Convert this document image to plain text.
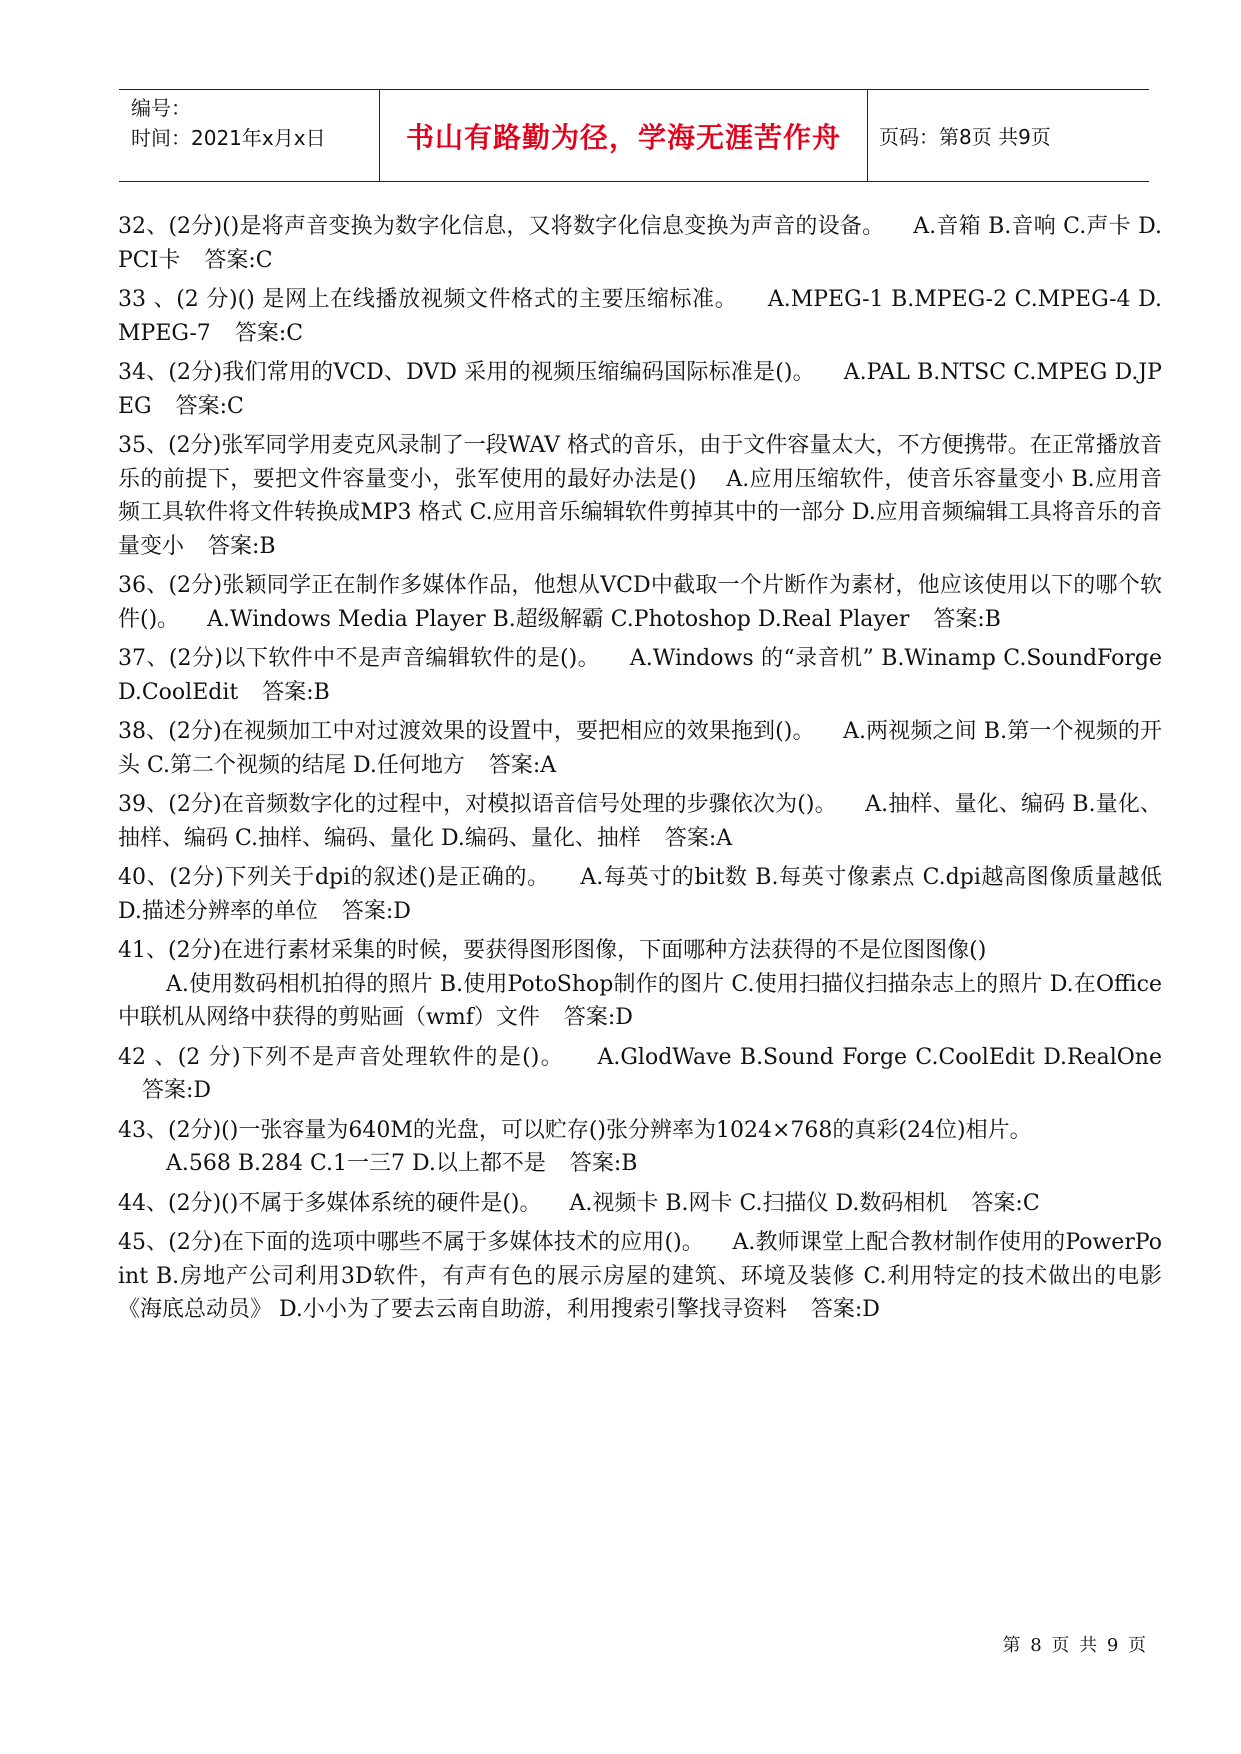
编号：
时间：2021年x月x日	书山有路勤为径，学海无涯苦作舟	页码：第8页 共9页
32、(2分)()是将声音变换为数字化信息，又将数字化信息变换为声音的设备。 A.音箱 B.音响 C.声卡 D.PCI卡 答案:C
33 、(2 分)() 是网上在线播放视频文件格式的主要压缩标准。 A.MPEG-1 B.MPEG-2 C.MPEG-4 D.MPEG-7 答案:C
34、(2分)我们常用的VCD、DVD 采用的视频压缩编码国际标准是()。 A.PAL B.NTSC C.MPEG D.JPEG 答案:C
35、(2分)张军同学用麦克风录制了一段WAV 格式的音乐，由于文件容量太大，不方便携带。在正常播放音乐的前提下，要把文件容量变小，张军使用的最好办法是() A.应用压缩软件，使音乐容量变小 B.应用音频工具软件将文件转换成MP3 格式 C.应用音乐编辑软件剪掉其中的一部分 D.应用音频编辑工具将音乐的音量变小 答案:B
36、(2分)张颖同学正在制作多媒体作品，他想从VCD中截取一个片断作为素材，他应该使用以下的哪个软件()。 A.Windows Media Player B.超级解霸 C.Photoshop D.Real Player 答案:B
37、(2分)以下软件中不是声音编辑软件的是()。 A.Windows 的“录音机” B.Winamp C.SoundForge D.CoolEdit 答案:B
38、(2分)在视频加工中对过渡效果的设置中，要把相应的效果拖到()。 A.两视频之间 B.第一个视频的开头 C.第二个视频的结尾 D.任何地方 答案:A
39、(2分)在音频数字化的过程中，对模拟语音信号处理的步骤依次为()。 A.抽样、量化、编码 B.量化、抽样、编码 C.抽样、编码、量化 D.编码、量化、抽样 答案:A
40、(2分)下列关于dpi的叙述()是正确的。 A.每英寸的bit数 B.每英寸像素点 C.dpi越高图像质量越低 D.描述分辨率的单位 答案:D
41、(2分)在进行素材采集的时候，要获得图形图像，下面哪种方法获得的不是位图图像()
A.使用数码相机拍得的照片 B.使用PotoShop制作的图片 C.使用扫描仪扫描杂志上的照片 D.在Office中联机从网络中获得的剪贴画（wmf）文件 答案:D
42 、(2 分)下列不是声音处理软件的是()。 A.GlodWave B.Sound Forge C.CoolEdit D.RealOne答案:D
43、(2分)()一张容量为640M的光盘，可以贮存()张分辨率为1024×768的真彩(24位)相片。
A.568 B.284 C.1一三7 D.以上都不是 答案:B
44、(2分)()不属于多媒体系统的硬件是()。 A.视频卡 B.网卡 C.扫描仪 D.数码相机 答案:C
45、(2分)在下面的选项中哪些不属于多媒体技术的应用()。 A.教师课堂上配合教材制作使用的PowerPoint B.房地产公司利用3D软件，有声有色的展示房屋的建筑、环境及装修 C.利用特定的技术做出的电影《海底总动员》 D.小小为了要去云南自助游，利用搜索引擎找寻资料 答案:D
第 8 页 共 9 页
